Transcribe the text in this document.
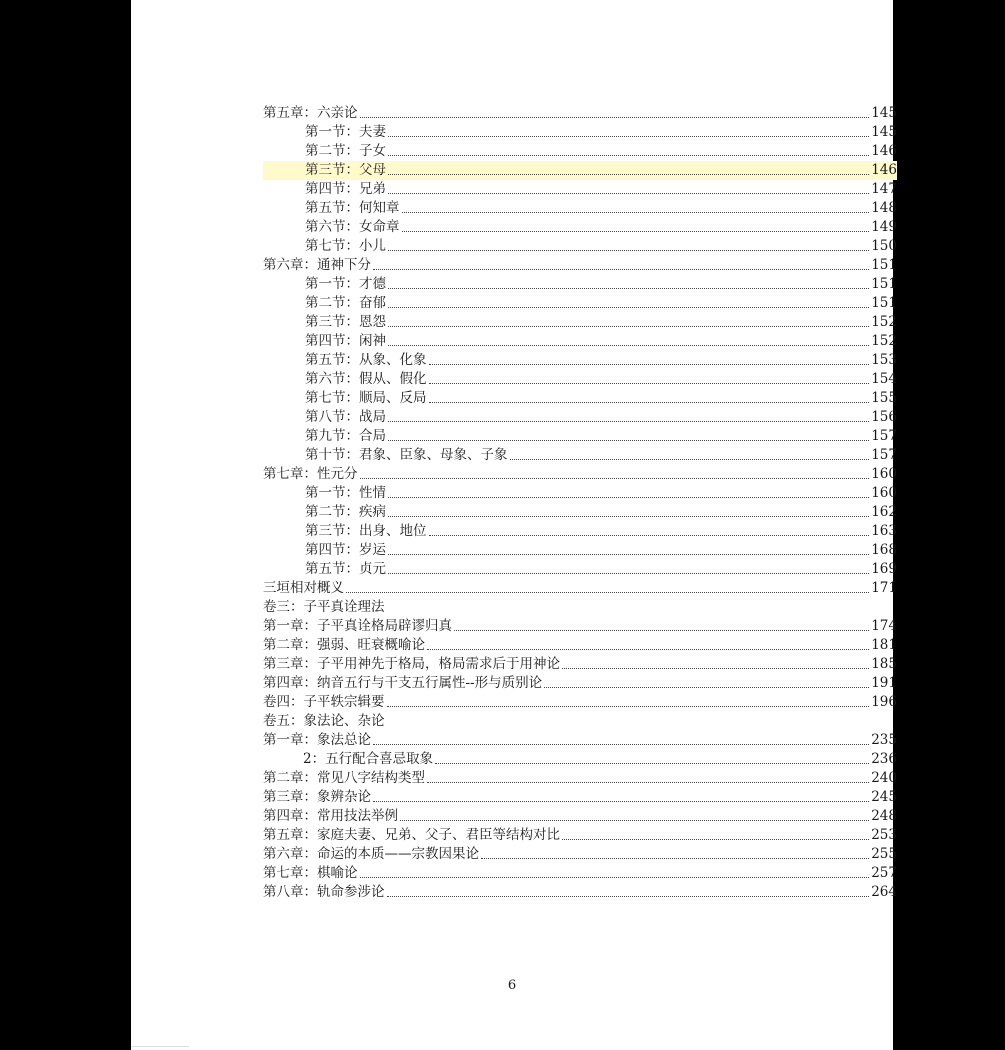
第五章：六亲论	145
第一节：夫妻	145
第二节：子女	146
第三节：父母	146
第四节：兄弟	147
第五节：何知章	148
第六节：女命章	149
第七节：小儿	150
第六章：通神下分	151
第一节：才德	151
第二节：奋郁	151
第三节：恩怨	152
第四节：闲神	152
第五节：从象、化象	153
第六节：假从、假化	154
第七节：顺局、反局	155
第八节：战局	156
第九节：合局	157
第十节：君象、臣象、母象、子象	157
第七章：性元分	160
第一节：性情	160
第二节：疾病	162
第三节：出身、地位	163
第四节：岁运	168
第五节：贞元	169
三垣相对概义	171
卷三：子平真诠理法
第一章：子平真诠格局辟谬归真	174
第二章：强弱、旺衰概喻论	181
第三章：子平用神先于格局，格局需求后于用神论	185
第四章：纳音五行与干支五行属性--形与质别论	191
卷四：子平轶宗辑要	196
卷五：象法论、杂论
第一章：象法总论	235
2：五行配合喜忌取象	236
第二章：常见八字结构类型	240
第三章：象辨杂论	245
第四章：常用技法举例	248
第五章：家庭夫妻、兄弟、父子、君臣等结构对比	253
第六章：命运的本质——宗教因果论	255
第七章：棋喻论	257
第八章：轨命参涉论	264
6
